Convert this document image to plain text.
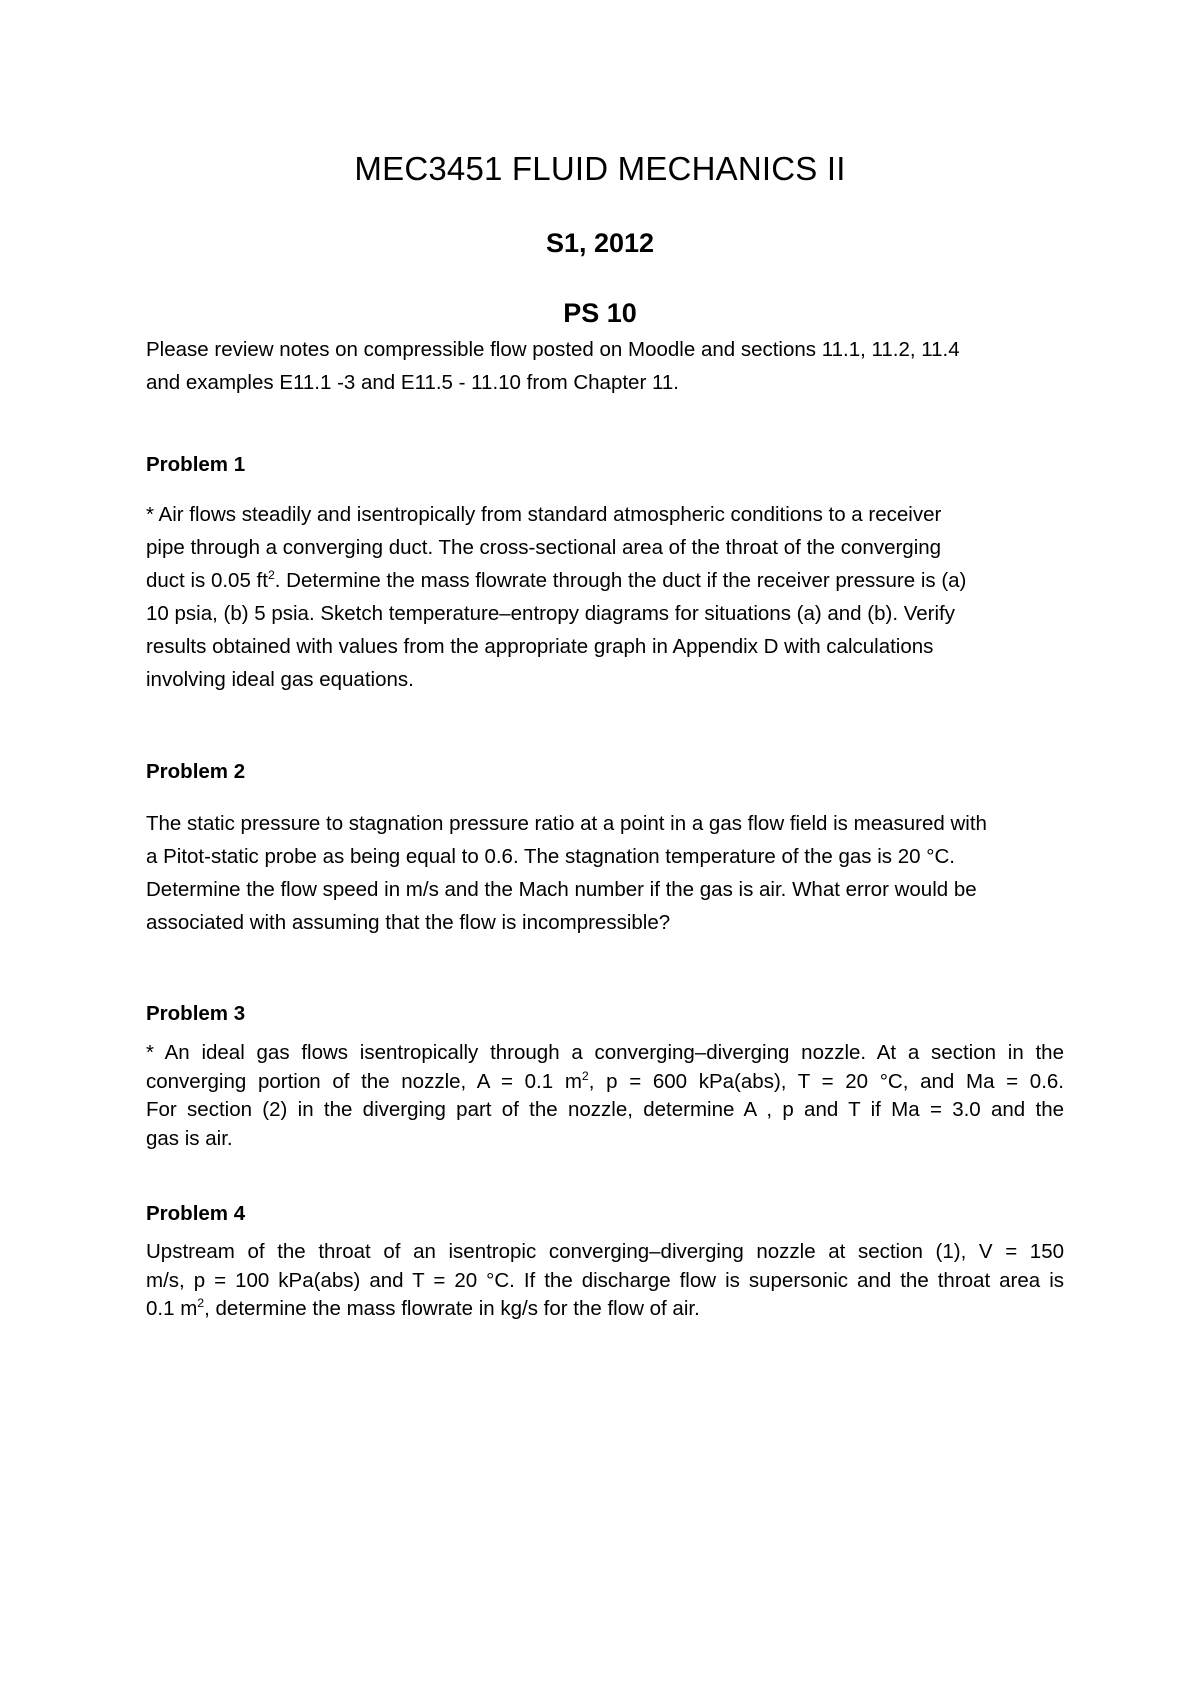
MEC3451 FLUID MECHANICS II
S1, 2012
PS 10

Please review notes on compressible flow posted on Moodle and sections 11.1, 11.2, 11.4
and examples E11.1 -3 and E11.5 - 11.10 from Chapter 11.

Problem 1

* Air flows steadily and isentropically from standard atmospheric conditions to a receiver
pipe through a converging duct. The cross-sectional area of the throat of the converging
duct is 0.05 $ft^2$. Determine the mass flowrate through the duct if the receiver pressure is (a)
10 psia, (b) 5 psia. Sketch temperature–entropy diagrams for situations (a) and (b). Verify
results obtained with values from the appropriate graph in Appendix D with calculations
involving ideal gas equations.

Problem 2

The static pressure to stagnation pressure ratio at a point in a gas flow field is measured with
a Pitot-static probe as being equal to 0.6. The stagnation temperature of the gas is 20 °C.
Determine the flow speed in m/s and the Mach number if the gas is air. What error would be
associated with assuming that the flow is incompressible?

Problem 3

* An ideal gas flows isentropically through a converging–diverging nozzle. At a section in the
converging portion of the nozzle, A = 0.1 $m^2$, p = 600 kPa(abs), T = 20 °C, and Ma = 0.6.
For section (2) in the diverging part of the nozzle, determine A , p and T if Ma = 3.0 and the
gas is air.

Problem 4

Upstream of the throat of an isentropic converging–diverging nozzle at section (1), V = 150
m/s, p = 100 kPa(abs) and T = 20 °C. If the discharge flow is supersonic and the throat area is
0.1 $m^2$, determine the mass flowrate in kg/s for the flow of air.
